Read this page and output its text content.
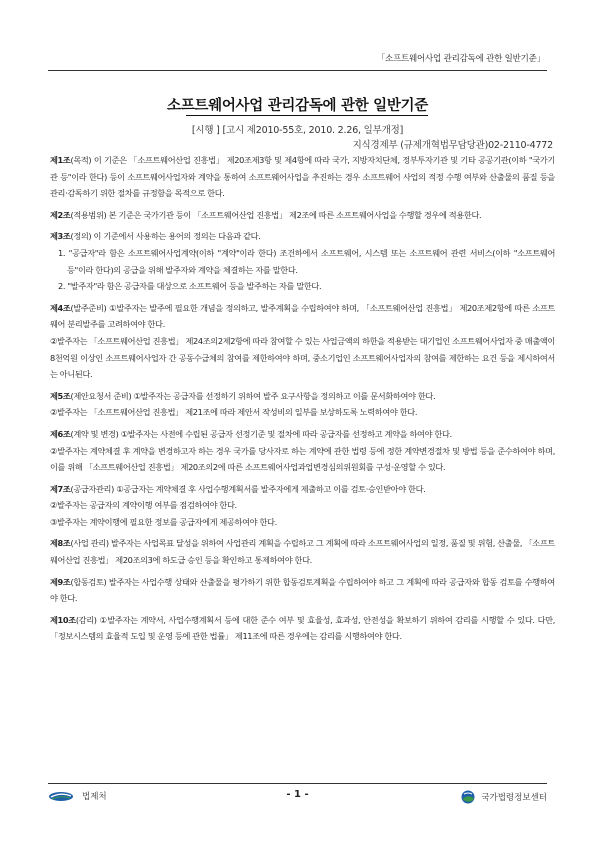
「소프트웨어사업 관리감독에 관한 일반기준」
소프트웨어사업 관리감독에 관한 일반기준
[시행 ] [고시 제2010-55호, 2010. 2.26, 일부개정]
지식경제부 (규제개혁법무담당관)02-2110-4772
제1조(목적) 이 기준은 「소프트웨어산업 진흥법」 제20조제3항 및 제4항에 따라 국가, 지방자치단체, 정부투자기관 및 기타 공공기관(이하 "국가기관 등"이라 한다) 등이 소프트웨어사업자와 계약을 통하여 소프트웨어사업을 추진하는 경우 소프트웨어 사업의 적정 수행 여부와 산출물의 품질 등을 관리·감독하기 위한 절차를 규정함을 목적으로 한다.
제2조(적용범위) 본 기준은 국가기관 등이 「소프트웨어산업 진흥법」 제2조에 따른 소프트웨어사업을 수행할 경우에 적용한다.
제3조(정의) 이 기준에서 사용하는 용어의 정의는 다음과 같다.
1. "공급자"라 함은 소프트웨어사업계약(이하 "계약"이라 한다) 조건하에서 소프트웨어, 시스템 또는 소프트웨어 관련 서비스(이하 "소프트웨어 등"이라 한다)의 공급을 위해 발주자와 계약을 체결하는 자를 말한다.
2. "발주자"라 함은 공급자를 대상으로 소프트웨어 등을 발주하는 자를 말한다.
제4조(발주준비) ①발주자는 발주에 필요한 개념을 정의하고, 발주계획을 수립하여야 하며, 「소프트웨어산업 진흥법」 제20조제2항에 따른 소프트웨어 분리발주를 고려하여야 한다.
②발주자는 「소프트웨어산업 진흥법」 제24조의2제2항에 따라 참여할 수 있는 사업금액의 하한을 적용받는 대기업인 소프트웨어사업자 중 매출액이 8천억원 이상인 소프트웨어사업자 간 공동수급체의 참여를 제한하여야 하며, 중소기업인 소프트웨어사업자의 참여를 제한하는 요건 등을 제시하여서는 아니된다.
제5조(제안요청서 준비) ①발주자는 공급자를 선정하기 위하여 발주 요구사항을 정의하고 이를 문서화하여야 한다.
②발주자는 「소프트웨어산업 진흥법」 제21조에 따라 제안서 작성비의 일부를 보상하도록 노력하여야 한다.
제6조(계약 및 변경) ①발주자는 사전에 수립된 공급자 선정기준 및 절차에 따라 공급자를 선정하고 계약을 하여야 한다.
②발주자는 계약체결 후 계약을 변경하고자 하는 경우 국가를 당사자로 하는 계약에 관한 법령 등에 정한 계약변경절차 및 방법 등을 준수하여야 하며, 이를 위해 「소프트웨어산업 진흥법」 제20조의2에 따른 소프트웨어사업과업변경심의위원회를 구성·운영할 수 있다.
제7조(공급자관리) ①공급자는 계약체결 후 사업수행계획서를 발주자에게 제출하고 이를 검토·승인받아야 한다.
②발주자는 공급자의 계약이행 여부를 점검하여야 한다.
③발주자는 계약이행에 필요한 정보를 공급자에게 제공하여야 한다.
제8조(사업 관리) 발주자는 사업목표 달성을 위하여 사업관리 계획을 수립하고 그 계획에 따라 소프트웨어사업의 일정, 품질 및 위험, 산출물, 「소프트웨어산업 진흥법」 제20조의3에 하도급 승인 등을 확인하고 통제하여야 한다.
제9조(합동검토) 발주자는 사업수행 상태와 산출물을 평가하기 위한 합동검토계획을 수립하여야 하고 그 계획에 따라 공급자와 합동 검토를 수행하여야 한다.
제10조(감리) ①발주자는 계약서, 사업수행계획서 등에 대한 준수 여부 및 효율성, 효과성, 안전성을 확보하기 위하여 감리를 시행할 수 있다. 다만, 「정보시스템의 효율적 도입 및 운영 등에 관한 법률」 제11조에 따른 경우에는 감리를 시행하여야 한다.
법제처	- 1 -	국가법령정보센터
